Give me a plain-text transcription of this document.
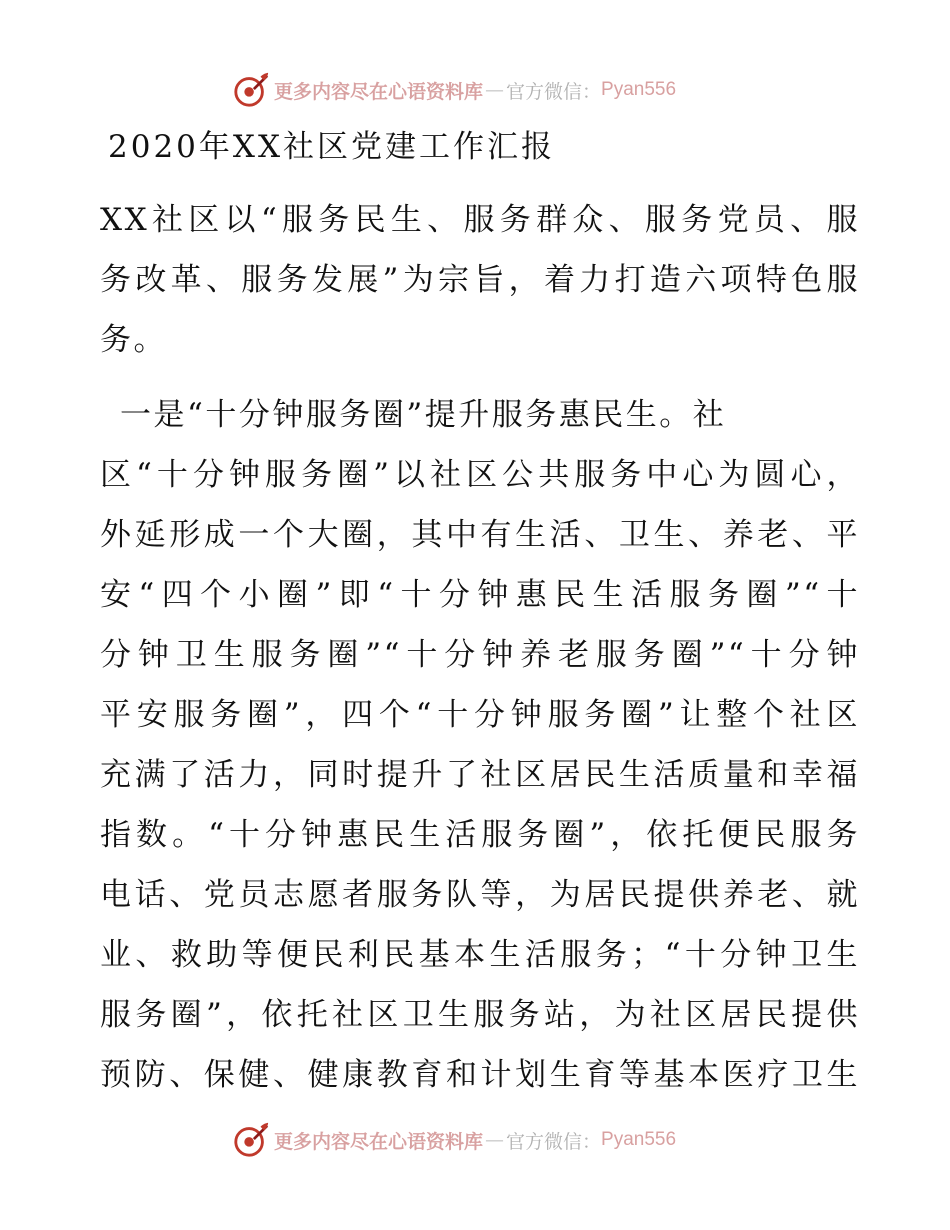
更多内容尽在心语资料库 — 官方微信： Pyan556
2020年XX社区党建工作汇报

XX社区以“服务民生、服务群众、服务党员、服
务改革、服务发展”为宗旨，着力打造六项特色服
务。

一是“十分钟服务圈”提升服务惠民生。社
区“十分钟服务圈”以社区公共服务中心为圆心，
外延形成一个大圈，其中有生活、卫生、养老、平
安“四个小圈”即“十分钟惠民生活服务圈”“十
分钟卫生服务圈”“十分钟养老服务圈”“十分钟
平安服务圈”，四个“十分钟服务圈”让整个社区
充满了活力，同时提升了社区居民生活质量和幸福
指数。“十分钟惠民生活服务圈”，依托便民服务
电话、党员志愿者服务队等，为居民提供养老、就
业、救助等便民利民基本生活服务；“十分钟卫生
服务圈”，依托社区卫生服务站，为社区居民提供
预防、保健、健康教育和计划生育等基本医疗卫生

更多内容尽在心语资料库 — 官方微信： Pyan556
